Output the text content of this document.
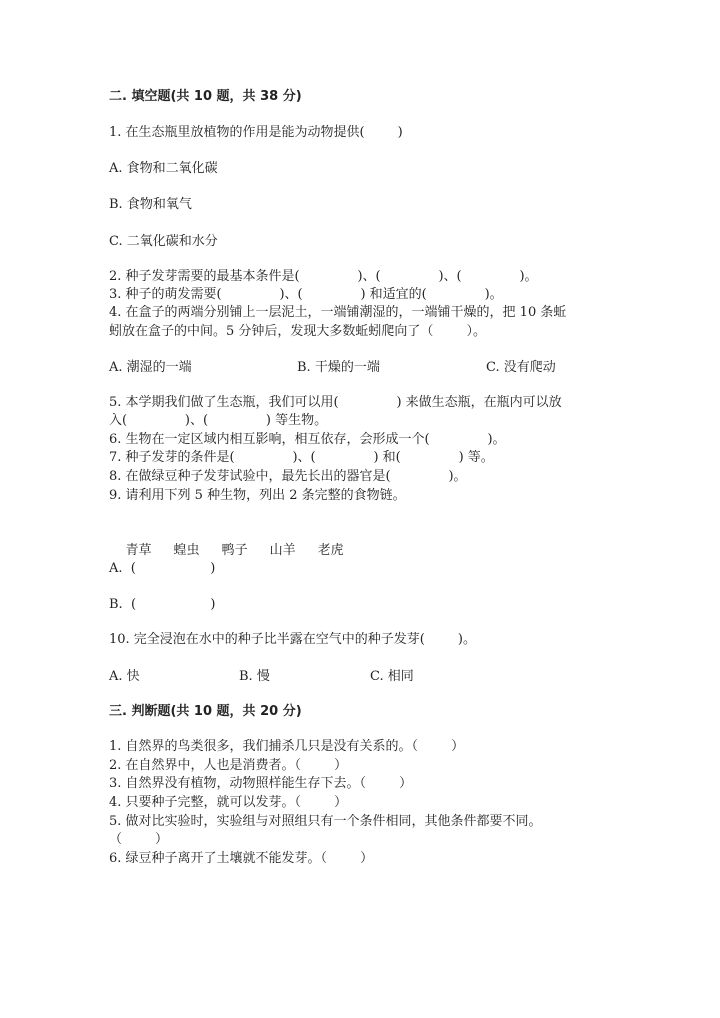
二. 填空题(共 10 题，共 38 分)
1. 在生态瓶里放植物的作用是能为动物提供(        )
A. 食物和二氧化碳
B. 食物和氧气
C. 二氧化碳和水分
2. 种子发芽需要的最基本条件是(              )、(              )、(              )。
3. 种子的萌发需要(              )、(              ) 和适宜的(              )。
4. 在盒子的两端分别铺上一层泥土，一端铺潮湿的，一端铺干燥的，把 10 条蚯
蚓放在盒子的中间。5 分钟后，发现大多数蚯蚓爬向了（        ）。
A. 潮湿的一端	B. 干燥的一端	C. 没有爬动
5. 本学期我们做了生态瓶，我们可以用(              ) 来做生态瓶，在瓶内可以放
入(              )、(              ) 等生物。
6. 生物在一定区域内相互影响，相互依存，会形成一个(              )。
7. 种子发芽的条件是(              )、(              ) 和(              ) 等。
8. 在做绿豆种子发芽试验中，最先长出的器官是(              )。
9. 请利用下列 5 种生物，列出 2 条完整的食物链。

青草 蝗虫 鸭子 山羊 老虎

A.  (                  )
B.  (                  )
10. 完全浸泡在水中的种子比半露在空气中的种子发芽(        )。
A. 快	B. 慢	C. 相同
三. 判断题(共 10 题，共 20 分)
1. 自然界的鸟类很多，我们捕杀几只是没有关系的。（        ）
2. 在自然界中，人也是消费者。（        ）
3. 自然界没有植物，动物照样能生存下去。（        ）
4. 只要种子完整，就可以发芽。（        ）
5. 做对比实验时，实验组与对照组只有一个条件相同，其他条件都要不同。
（        ）
6. 绿豆种子离开了土壤就不能发芽。（        ）
